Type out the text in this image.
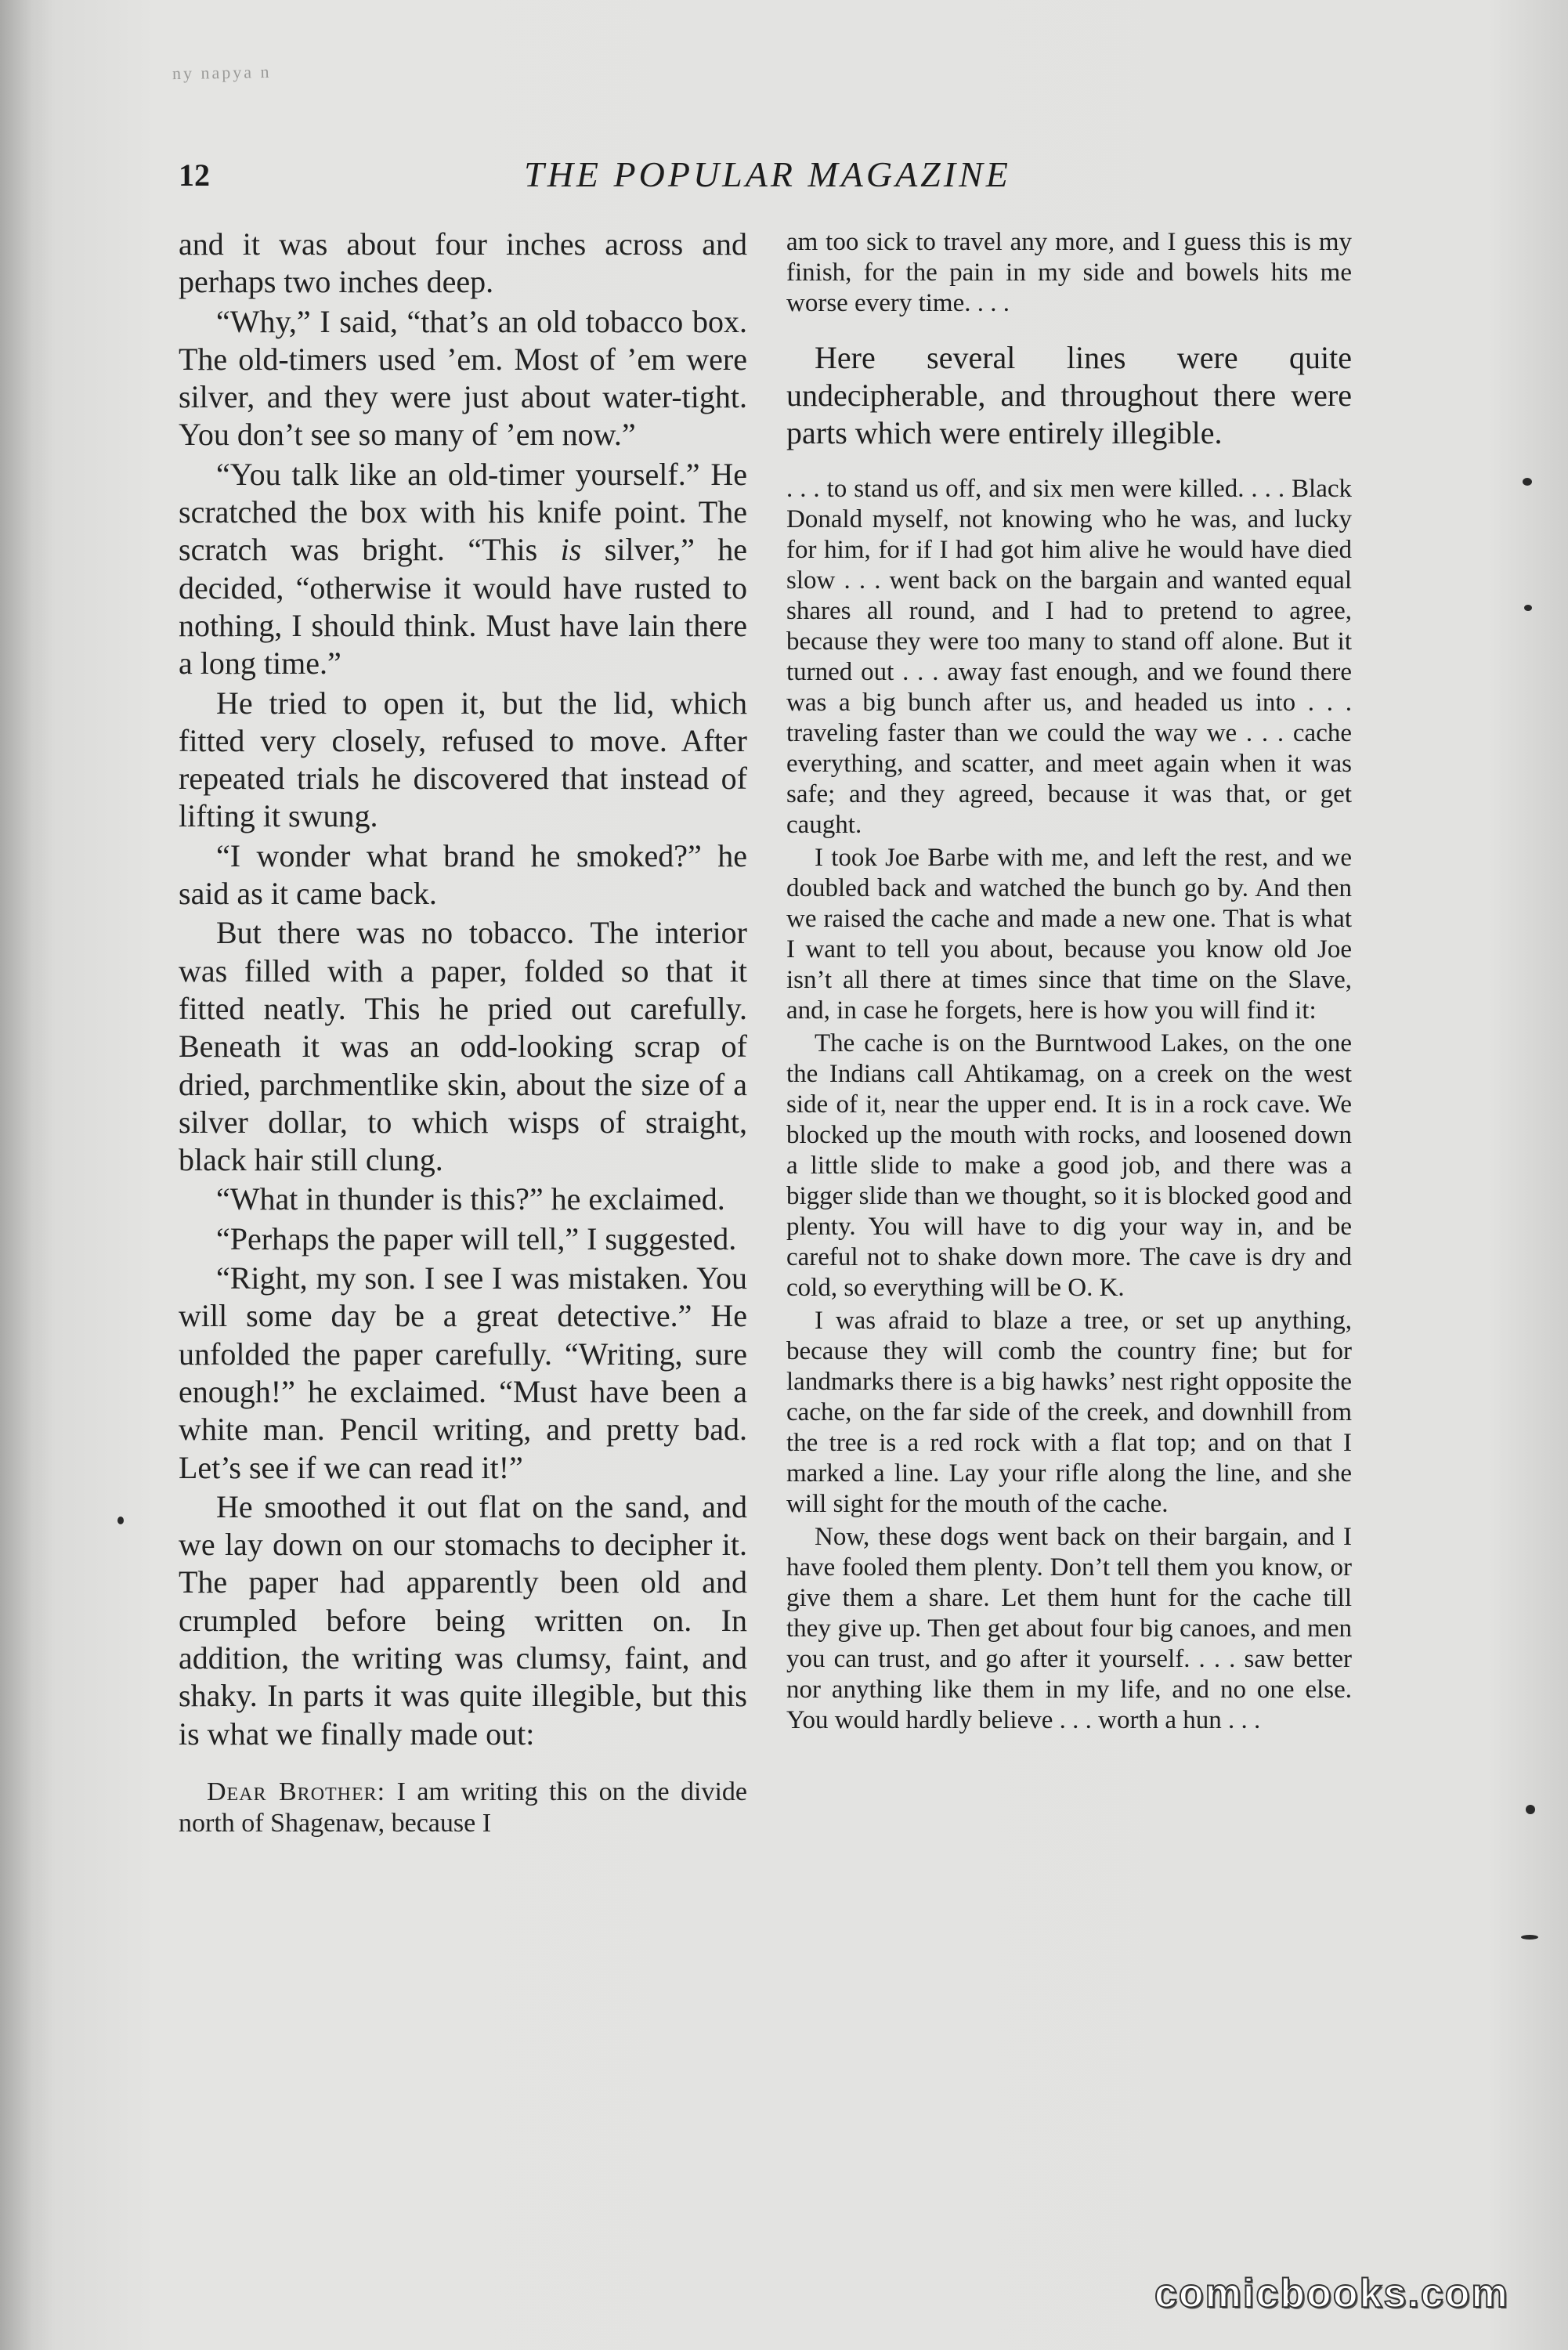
ny napya n
12	THE POPULAR MAGAZINE

and it was about four inches across and perhaps two inches deep.

“Why,” I said, “that’s an old tobacco box. The old-timers used ’em. Most of ’em were silver, and they were just about water-tight. You don’t see so many of ’em now.”

“You talk like an old-timer yourself.” He scratched the box with his knife point. The scratch was bright. “This is silver,” he decided, “otherwise it would have rusted to nothing, I should think. Must have lain there a long time.”

He tried to open it, but the lid, which fitted very closely, refused to move. After repeated trials he discovered that instead of lifting it swung.

“I wonder what brand he smoked?” he said as it came back.

But there was no tobacco. The interior was filled with a paper, folded so that it fitted neatly. This he pried out carefully. Beneath it was an odd-looking scrap of dried, parchmentlike skin, about the size of a silver dollar, to which wisps of straight, black hair still clung.

“What in thunder is this?” he exclaimed.

“Perhaps the paper will tell,” I suggested.

“Right, my son. I see I was mistaken. You will some day be a great detective.” He unfolded the paper carefully. “Writing, sure enough!” he exclaimed. “Must have been a white man. Pencil writing, and pretty bad. Let’s see if we can read it!”

He smoothed it out flat on the sand, and we lay down on our stomachs to decipher it. The paper had apparently been old and crumpled before being written on. In addition, the writing was clumsy, faint, and shaky. In parts it was quite illegible, but this is what we finally made out:

Dear Brother: I am writing this on the divide north of Shagenaw, because I

am too sick to travel any more, and I guess this is my finish, for the pain in my side and bowels hits me worse every time. . . .

Here several lines were quite undecipherable, and throughout there were parts which were entirely illegible.

. . . to stand us off, and six men were killed. . . . Black Donald myself, not knowing who he was, and lucky for him, for if I had got him alive he would have died slow . . . went back on the bargain and wanted equal shares all round, and I had to pretend to agree, because they were too many to stand off alone. But it turned out . . . away fast enough, and we found there was a big bunch after us, and headed us into . . . traveling faster than we could the way we . . . cache everything, and scatter, and meet again when it was safe; and they agreed, because it was that, or get caught.

I took Joe Barbe with me, and left the rest, and we doubled back and watched the bunch go by. And then we raised the cache and made a new one. That is what I want to tell you about, because you know old Joe isn’t all there at times since that time on the Slave, and, in case he forgets, here is how you will find it:

The cache is on the Burntwood Lakes, on the one the Indians call Ahtikamag, on a creek on the west side of it, near the upper end. It is in a rock cave. We blocked up the mouth with rocks, and loosened down a little slide to make a good job, and there was a bigger slide than we thought, so it is blocked good and plenty. You will have to dig your way in, and be careful not to shake down more. The cave is dry and cold, so everything will be O. K.

I was afraid to blaze a tree, or set up anything, because they will comb the country fine; but for landmarks there is a big hawks’ nest right opposite the cache, on the far side of the creek, and downhill from the tree is a red rock with a flat top; and on that I marked a line. Lay your rifle along the line, and she will sight for the mouth of the cache.

Now, these dogs went back on their bargain, and I have fooled them plenty. Don’t tell them you know, or give them a share. Let them hunt for the cache till they give up. Then get about four big canoes, and men you can trust, and go after it yourself. . . . saw better nor anything like them in my life, and no one else. You would hardly believe . . . worth a hun . . .

comicbooks.com
